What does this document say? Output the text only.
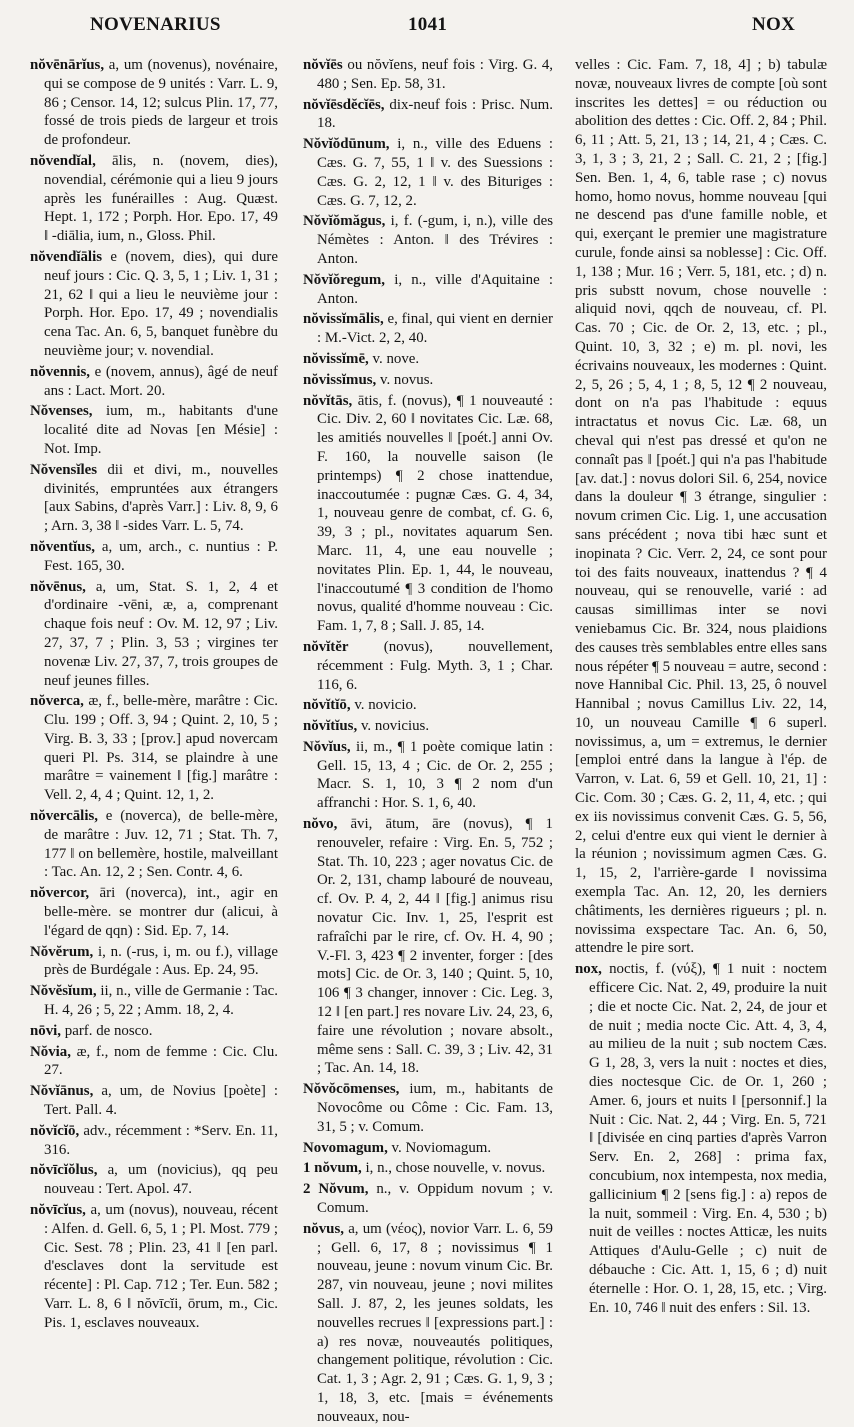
NOVENARIUS	1041	NOX

nŏvēnārĭus, a, um (novenus), novénaire, qui se compose de 9 unités : Varr. L. 9, 86 ; Censor. 14, 12; sulcus Plin. 17, 77, fossé de trois pieds de largeur et trois de profondeur.

nŏvendĭal, ālis, n. (novem, dies), novendial, cérémonie qui a lieu 9 jours après les funérailles : Aug. Quæst. Hept. 1, 172 ; Porph. Hor. Epo. 17, 49 ‖ -diālia, ium, n., Gloss. Phil.

nŏvendĭālis e (novem, dies), qui dure neuf jours : Cic. Q. 3, 5, 1 ; Liv. 1, 31 ; 21, 62 ‖ qui a lieu le neuvième jour : Porph. Hor. Epo. 17, 49 ; novendialis cena Tac. An. 6, 5, banquet funèbre du neuvième jour; v. novendial.

nŏvennis, e (novem, annus), âgé de neuf ans : Lact. Mort. 20.

Nŏvenses, ium, m., habitants d'une localité dite ad Novas [en Mésie] : Not. Imp.

Nŏvensĭles dii et divi, m., nouvelles divinités, empruntées aux étrangers [aux Sabins, d'après Varr.] : Liv. 8, 9, 6 ; Arn. 3, 38 ‖ -sides Varr. L. 5, 74.

nŏventĭus, a, um, arch., c. nuntius : P. Fest. 165, 30.

nŏvēnus, a, um, Stat. S. 1, 2, 4 et d'ordinaire -vēni, æ, a, comprenant chaque fois neuf : Ov. M. 12, 97 ; Liv. 27, 37, 7 ; Plin. 3, 53 ; virgines ter novenæ Liv. 27, 37, 7, trois groupes de neuf jeunes filles.

nŏverca, æ, f., belle-mère, marâtre : Cic. Clu. 199 ; Off. 3, 94 ; Quint. 2, 10, 5 ; Virg. B. 3, 33 ; [prov.] apud novercam queri Pl. Ps. 314, se plaindre à une marâtre = vainement ‖ [fig.] marâtre : Vell. 2, 4, 4 ; Quint. 12, 1, 2.

nŏvercālis, e (noverca), de belle-mère, de marâtre : Juv. 12, 71 ; Stat. Th. 7, 177 ‖ on bellemère, hostile, malveillant : Tac. An. 12, 2 ; Sen. Contr. 4, 6.

nŏvercor, āri (noverca), int., agir en belle-mère. se montrer dur (alicui, à l'égard de qqn) : Sid. Ep. 7, 14.

Nŏvĕrum, i, n. (-rus, i, m. ou f.), village près de Burdégale : Aus. Ep. 24, 95.

Nŏvĕsĭum, ii, n., ville de Germanie : Tac. H. 4, 26 ; 5, 22 ; Amm. 18, 2, 4.

nōvi, parf. de nosco.

Nŏvia, æ, f., nom de femme : Cic. Clu. 27.

Nŏvĭānus, a, um, de Novius [poète] : Tert. Pall. 4.

nŏvĭcĭō, adv., récemment : *Serv. En. 11, 316.

nŏvīcĭŏlus, a, um (novicius), qq peu nouveau : Tert. Apol. 47.

nŏvīcĭus, a, um (novus), nouveau, récent : Alfen. d. Gell. 6, 5, 1 ; Pl. Most. 779 ; Cic. Sest. 78 ; Plin. 23, 41 ‖ [en parl. d'esclaves dont la servitude est récente] : Pl. Cap. 712 ; Ter. Eun. 582 ; Varr. L. 8, 6 ‖ nŏvīcĭi, ōrum, m., Cic. Pis. 1, esclaves nouveaux.

nŏvĭēs ou nŏvĭens, neuf fois : Virg. G. 4, 480 ; Sen. Ep. 58, 31.

nŏvĭēsdĕcĭēs, dix-neuf fois : Prisc. Num. 18.

Nŏvĭŏdūnum, i, n., ville des Eduens : Cæs. G. 7, 55, 1 ‖ v. des Suessions : Cæs. G. 2, 12, 1 ‖ v. des Bituriges : Cæs. G. 7, 12, 2.

Nŏvĭŏmăgus, i, f. (-gum, i, n.), ville des Némètes : Anton. ‖ des Trévires : Anton.

Nŏvĭŏregum, i, n., ville d'Aquitaine : Anton.

nŏvissĭmālis, e, final, qui vient en dernier : M.-Vict. 2, 2, 40.

nŏvissĭmē, v. nove.

nŏvissĭmus, v. novus.

nŏvĭtās, ātis, f. (novus), ¶ 1 nouveauté : Cic. Div. 2, 60 ‖ novitates Cic. Læ. 68, les amitiés nouvelles ‖ [poét.] anni Ov. F. 160, la nouvelle saison (le printemps) ¶ 2 chose inattendue, inaccoutumée : pugnæ Cæs. G. 4, 34, 1, nouveau genre de combat, cf. G. 6, 39, 3 ; pl., novitates aquarum Sen. Marc. 11, 4, une eau nouvelle ; novitates Plin. Ep. 1, 44, le nouveau, l'inaccoutumé ¶ 3 condition de l'homo novus, qualité d'homme nouveau : Cic. Fam. 1, 7, 8 ; Sall. J. 85, 14.

nŏvĭtĕr (novus), nouvellement, récemment : Fulg. Myth. 3, 1 ; Char. 116, 6.

nŏvĭtĭō, v. novicio.

nŏvĭtĭus, v. novicius.

Nŏvĭus, ii, m., ¶ 1 poète comique latin : Gell. 15, 13, 4 ; Cic. de Or. 2, 255 ; Macr. S. 1, 10, 3 ¶ 2 nom d'un affranchi : Hor. S. 1, 6, 40.

nŏvo, āvi, ātum, āre (novus), ¶ 1 renouveler, refaire : Virg. En. 5, 752 ; Stat. Th. 10, 223 ; ager novatus Cic. de Or. 2, 131, champ labouré de nouveau, cf. Ov. P. 4, 2, 44 ‖ [fig.] animus risu novatur Cic. Inv. 1, 25, l'esprit est rafraîchi par le rire, cf. Ov. H. 4, 90 ; V.-Fl. 3, 423 ¶ 2 inventer, forger : [des mots] Cic. de Or. 3, 140 ; Quint. 5, 10, 106 ¶ 3 changer, innover : Cic. Leg. 3, 12 ‖ [en part.] res novare Liv. 24, 23, 6, faire une révolution ; novare absolt., même sens : Sall. C. 39, 3 ; Liv. 42, 31 ; Tac. An. 14, 18.

Nŏvŏcōmenses, ium, m., habitants de Novocôme ou Côme : Cic. Fam. 13, 31, 5 ; v. Comum.

Novomagum, v. Noviomagum.

1 nŏvum, i, n., chose nouvelle, v. novus.

2 Nŏvum, n., v. Oppidum novum ; v. Comum.

nŏvus, a, um (νέος), novior Varr. L. 6, 59 ; Gell. 6, 17, 8 ; novissimus ¶ 1 nouveau, jeune : novum vinum Cic. Br. 287, vin nouveau, jeune ; novi milites Sall. J. 87, 2, les jeunes soldats, les nouvelles recrues ‖ [expressions part.] : a) res novæ, nouveautés politiques, changement politique, révolution : Cic. Cat. 1, 3 ; Agr. 2, 91 ; Cæs. G. 1, 9, 3 ; 1, 18, 3, etc. [mais = événements nouveaux, nou-

velles : Cic. Fam. 7, 18, 4] ; b) tabulæ novæ, nouveaux livres de compte [où sont inscrites les dettes] = ou réduction ou abolition des dettes : Cic. Off. 2, 84 ; Phil. 6, 11 ; Att. 5, 21, 13 ; 14, 21, 4 ; Cæs. C. 3, 1, 3 ; 3, 21, 2 ; Sall. C. 21, 2 ; [fig.] Sen. Ben. 1, 4, 6, table rase ; c) novus homo, homo novus, homme nouveau [qui ne descend pas d'une famille noble, et qui, exerçant le premier une magistrature curule, fonde ainsi sa noblesse] : Cic. Off. 1, 138 ; Mur. 16 ; Verr. 5, 181, etc. ; d) n. pris substt novum, chose nouvelle : aliquid novi, qqch de nouveau, cf. Pl. Cas. 70 ; Cic. de Or. 2, 13, etc. ; pl., Quint. 10, 3, 32 ; e) m. pl. novi, les écrivains nouveaux, les modernes : Quint. 2, 5, 26 ; 5, 4, 1 ; 8, 5, 12 ¶ 2 nouveau, dont on n'a pas l'habitude : equus intractatus et novus Cic. Læ. 68, un cheval qui n'est pas dressé et qu'on ne connaît pas ‖ [poét.] qui n'a pas l'habitude [av. dat.] : novus dolori Sil. 6, 254, novice dans la douleur ¶ 3 étrange, singulier : novum crimen Cic. Lig. 1, une accusation sans précédent ; nova tibi hæc sunt et inopinata ? Cic. Verr. 2, 24, ce sont pour toi des faits nouveaux, inattendus ? ¶ 4 nouveau, qui se renouvelle, varié : ad causas simillimas inter se novi veniebamus Cic. Br. 324, nous plaidions des causes très semblables entre elles sans nous répéter ¶ 5 nouveau = autre, second : nove Hannibal Cic. Phil. 13, 25, ô nouvel Hannibal ; novus Camillus Liv. 22, 14, 10, un nouveau Camille ¶ 6 superl. novissimus, a, um = extremus, le dernier [emploi entré dans la langue à l'ép. de Varron, v. Lat. 6, 59 et Gell. 10, 21, 1] : Cic. Com. 30 ; Cæs. G. 2, 11, 4, etc. ; qui ex iis novissimus convenit Cæs. G. 5, 56, 2, celui d'entre eux qui vient le dernier à la réunion ; novissimum agmen Cæs. G. 1, 15, 2, l'arrière-garde ‖ novissima exempla Tac. An. 12, 20, les derniers châtiments, les dernières rigueurs ; pl. n. novissima exspectare Tac. An. 6, 50, attendre le pire sort.

nox, noctis, f. (νύξ), ¶ 1 nuit : noctem efficere Cic. Nat. 2, 49, produire la nuit ; die et nocte Cic. Nat. 2, 24, de jour et de nuit ; media nocte Cic. Att. 4, 3, 4, au milieu de la nuit ; sub noctem Cæs. G 1, 28, 3, vers la nuit : noctes et dies, dies noctesque Cic. de Or. 1, 260 ; Amer. 6, jours et nuits ‖ [personnif.] la Nuit : Cic. Nat. 2, 44 ; Virg. En. 5, 721 ‖ [divisée en cinq parties d'après Varron Serv. En. 2, 268] : prima fax, concubium, nox intempesta, nox media, gallicinium ¶ 2 [sens fig.] : a) repos de la nuit, sommeil : Virg. En. 4, 530 ; b) nuit de veilles : noctes Atticæ, les nuits Attiques d'Aulu-Gelle ; c) nuit de débauche : Cic. Att. 1, 15, 6 ; d) nuit éternelle : Hor. O. 1, 28, 15, etc. ; Virg. En. 10, 746 ‖ nuit des enfers : Sil. 13.
